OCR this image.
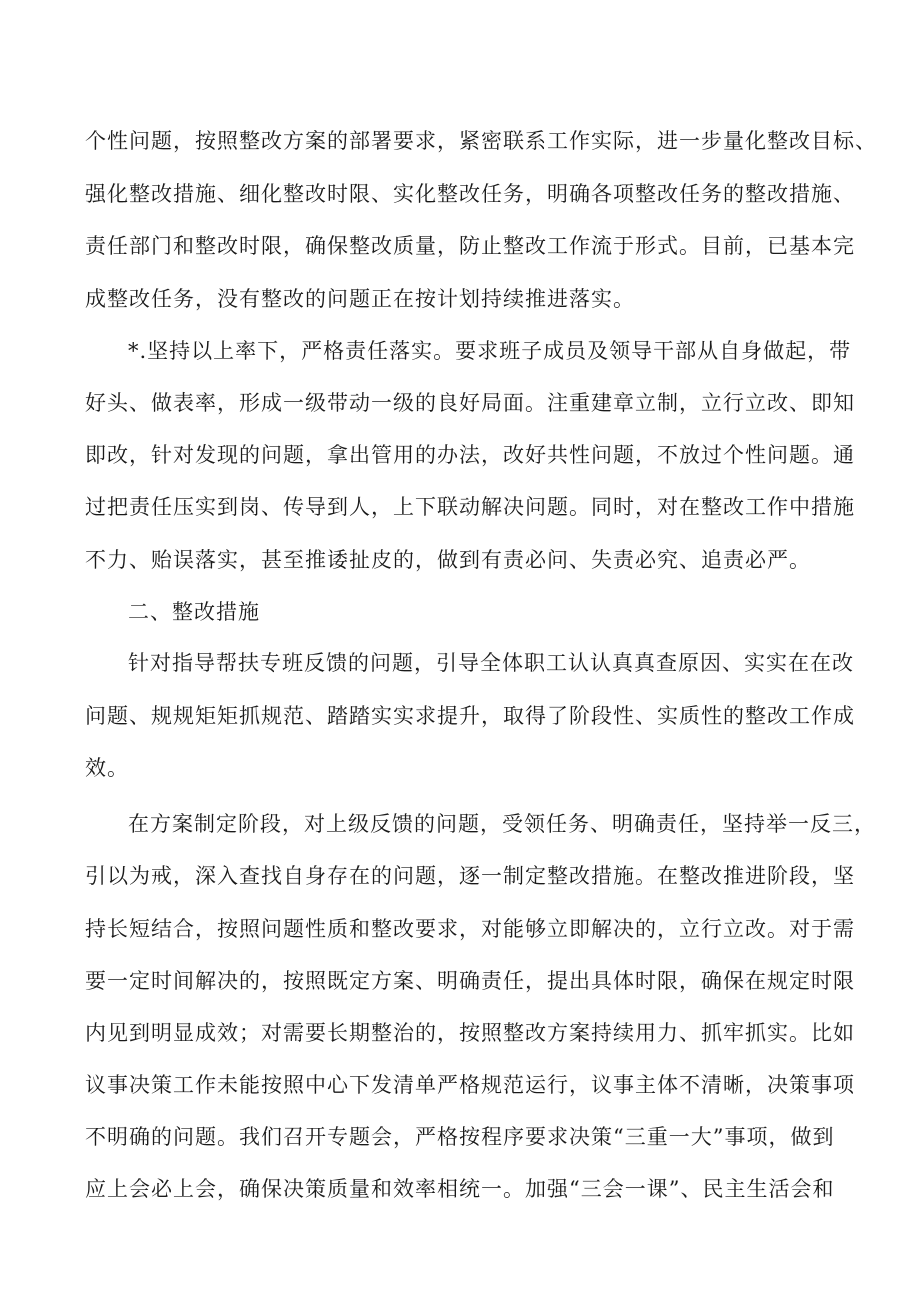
个性问题，按照整改方案的部署要求，紧密联系工作实际，进一步量化整改目标、
强化整改措施、细化整改时限、实化整改任务，明确各项整改任务的整改措施、
责任部门和整改时限，确保整改质量，防止整改工作流于形式。目前，已基本完
成整改任务，没有整改的问题正在按计划持续推进落实。
*.坚持以上率下，严格责任落实。要求班子成员及领导干部从自身做起，带
好头、做表率，形成一级带动一级的良好局面。注重建章立制，立行立改、即知
即改，针对发现的问题，拿出管用的办法，改好共性问题，不放过个性问题。通
过把责任压实到岗、传导到人，上下联动解决问题。同时，对在整改工作中措施
不力、贻误落实，甚至推诿扯皮的，做到有责必问、失责必究、追责必严。
二、整改措施
针对指导帮扶专班反馈的问题，引导全体职工认认真真查原因、实实在在改
问题、规规矩矩抓规范、踏踏实实求提升，取得了阶段性、实质性的整改工作成
效。
在方案制定阶段，对上级反馈的问题，受领任务、明确责任，坚持举一反三，
引以为戒，深入查找自身存在的问题，逐一制定整改措施。在整改推进阶段，坚
持长短结合，按照问题性质和整改要求，对能够立即解决的，立行立改。对于需
要一定时间解决的，按照既定方案、明确责任，提出具体时限，确保在规定时限
内见到明显成效；对需要长期整治的，按照整改方案持续用力、抓牢抓实。比如
议事决策工作未能按照中心下发清单严格规范运行，议事主体不清晰，决策事项
不明确的问题。我们召开专题会，严格按程序要求决策“三重一大”事项，做到
应上会必上会，确保决策质量和效率相统一。加强“三会一课”、民主生活会和
